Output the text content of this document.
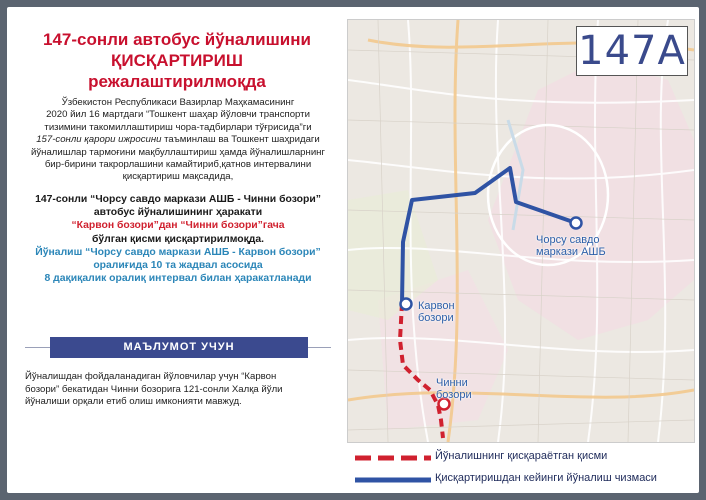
147-сонли автобус йўналишини
ҚИСҚАРТИРИШ
режалаштирилмоқда
Ўзбекистон Республикаси Вазирлар Маҳкамасининг
2020 йил 16 мартдаги “Тошкент шаҳар йўловчи транспорти
тизимини такомиллаштириш чора-тадбирлари тўғрисида”ги
157-сонли қарори ижросини таъминлаш ва Тошкент шаҳридаги
йўналишлар тармоғини мақбуллаштириш ҳамда йўналишларнинг
бир-бирини такрорлашини камайтириб,қатнов интервалини
қисқартириш мақсадида,
147-сонли “Чорсу савдо маркази АШБ - Чинни бозори”
автобус йўналишининг ҳаракати
“Карвон бозори”дан “Чинни бозори”гача
бўлган қисми қисқартирилмоқда.
Йўналиш “Чорсу савдо маркази АШБ - Карвон бозори”
оралиғида 10 та жадвал асосида
8 дақиқалик оралиқ интервал билан ҳаракатланади
МАЪЛУМОТ УЧУН
Йўналишдан фойдаланадиган йўловчилар учун “Карвон
бозори” бекатидан Чинни бозорига 121-сонли Халқа йўли
йўналиши орқали етиб олиш имконияти мавжуд.
147A
Чорсу савдо
маркази АШБ
Карвон
бозори
Чинни
бозори
Йўналишнинг қисқараётган қисми
Қисқартиришдан кейинги йўналиш чизмаси
